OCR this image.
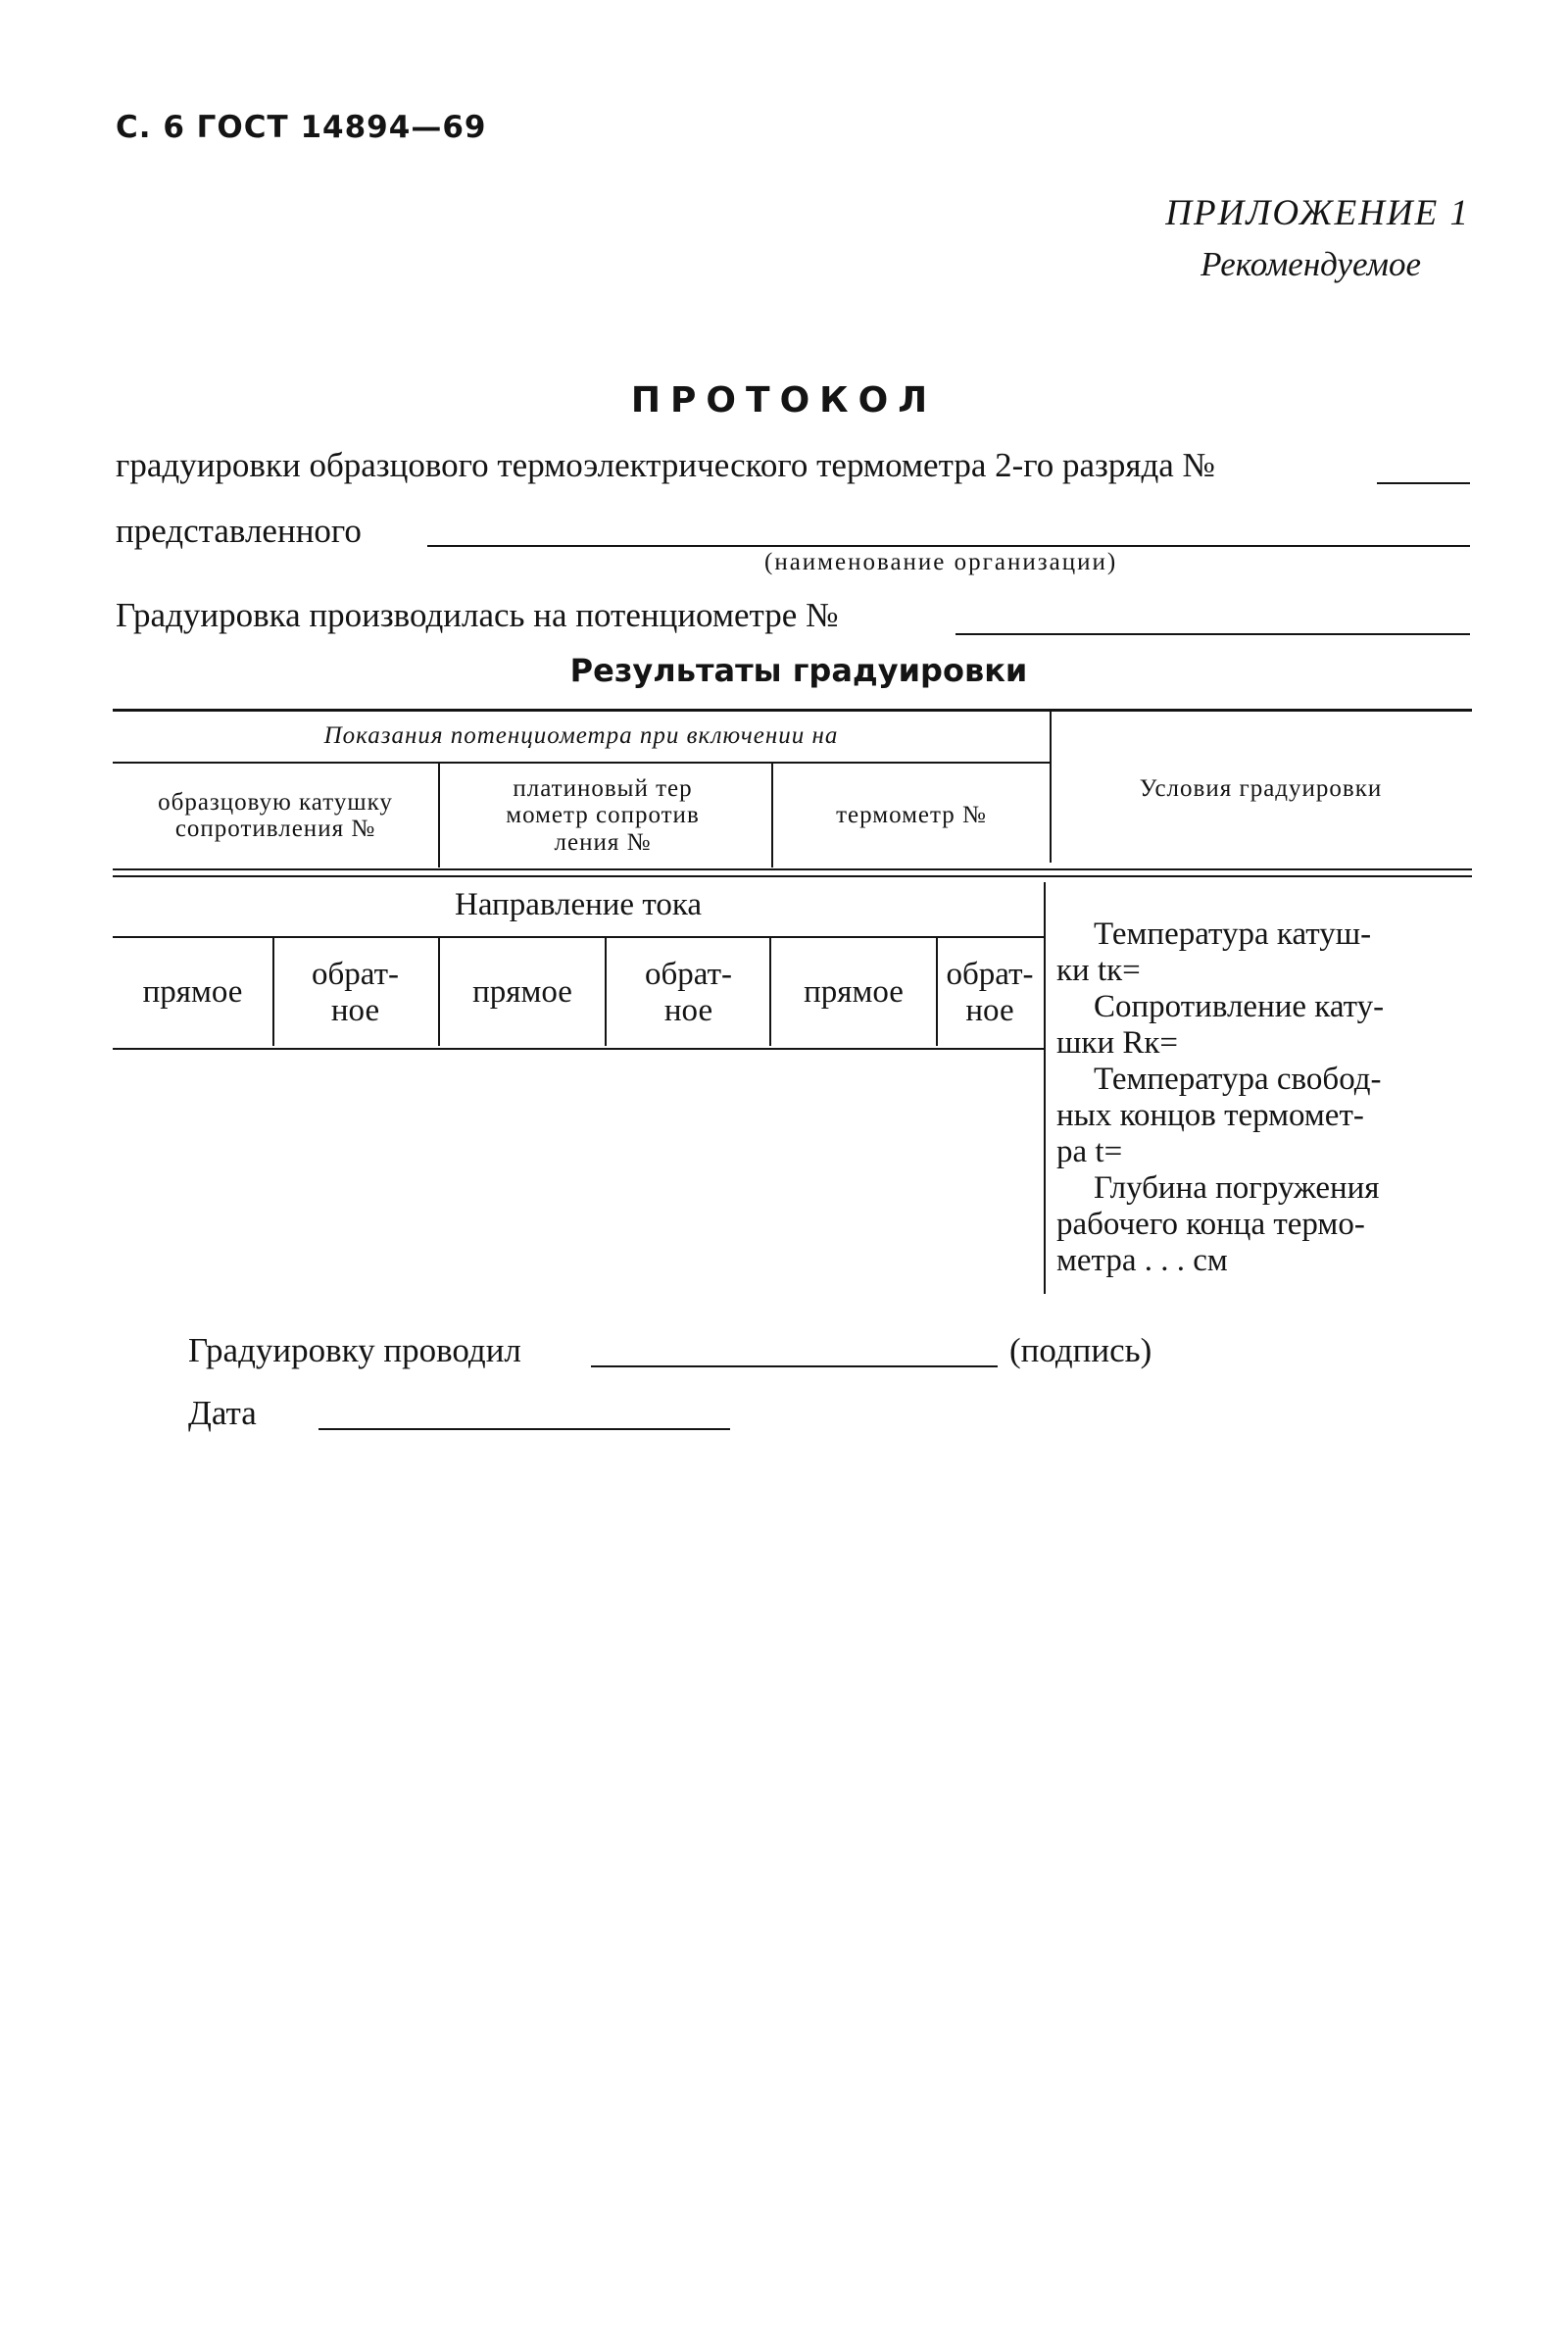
С. 6 ГОСТ 14894—69
ПРИЛОЖЕНИЕ 1
Рекомендуемое
ПРОТОКОЛ
градуировки образцового термоэлектрического термометра 2-го разряда №
представленного
(наименование организации)
Градуировка производилась на потенциометре №
Результаты градуировки
Показания потенциометра при включении на
образцовую катушку сопротивления №
платиновый тер мометр сопротив ления №
термометр №
Условия градуировки
Направление тока
прямое
обрат- ное
прямое
обрат- ное
прямое
обрат- ное

Температура катуш-

ки tк=

Сопротивление кату-

шки Rк=

Температура свобод-

ных концов термомет-

ра t=

Глубина погружения

рабочего конца термо-

метра . . . см

Градуировку проводил	(подпись)
Дата
